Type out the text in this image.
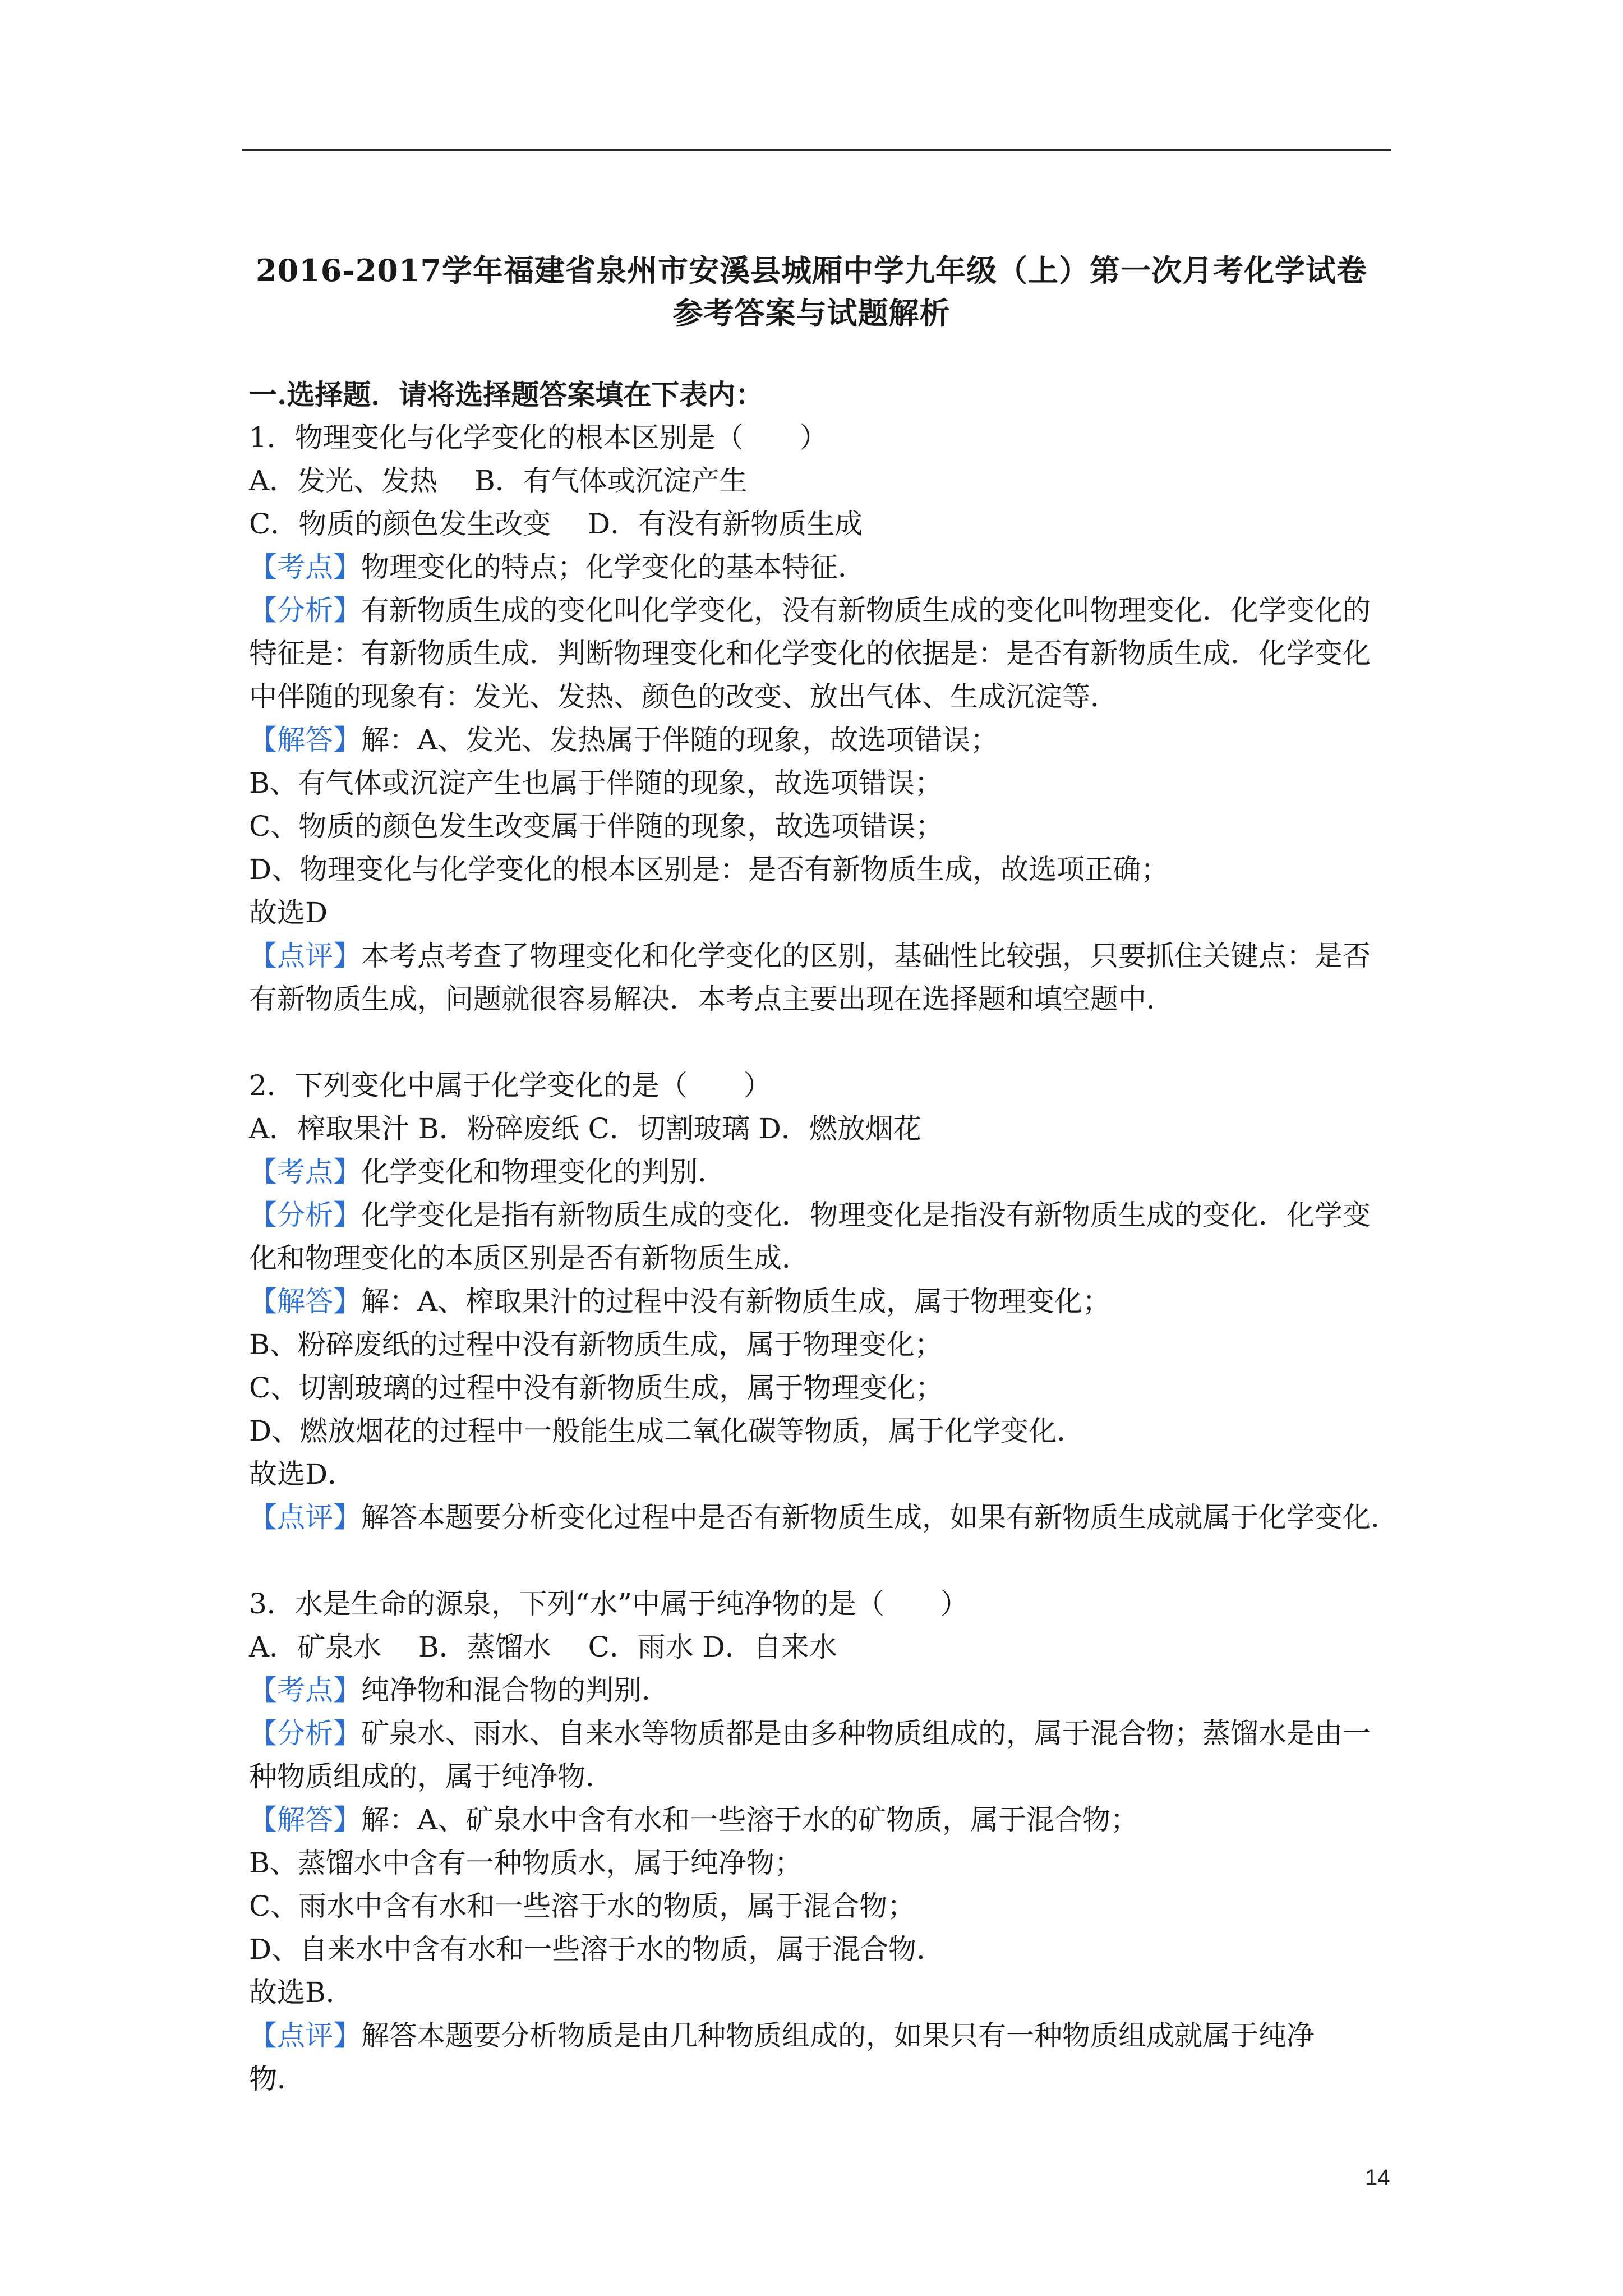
2016-2017学年福建省泉州市安溪县城厢中学九年级（上）第一次月考化学试卷
参考答案与试题解析
一.选择题．请将选择题答案填在下表内：
1．物理变化与化学变化的根本区别是（　　）
A．发光、发热　 B．有气体或沉淀产生
C．物质的颜色发生改变　 D．有没有新物质生成
【考点】物理变化的特点；化学变化的基本特征．
【分析】有新物质生成的变化叫化学变化，没有新物质生成的变化叫物理变化．化学变化的
特征是：有新物质生成．判断物理变化和化学变化的依据是：是否有新物质生成．化学变化
中伴随的现象有：发光、发热、颜色的改变、放出气体、生成沉淀等．
【解答】解：A、发光、发热属于伴随的现象，故选项错误；
B、有气体或沉淀产生也属于伴随的现象，故选项错误；
C、物质的颜色发生改变属于伴随的现象，故选项错误；
D、物理变化与化学变化的根本区别是：是否有新物质生成，故选项正确；
故选D
【点评】本考点考查了物理变化和化学变化的区别，基础性比较强，只要抓住关键点：是否
有新物质生成，问题就很容易解决．本考点主要出现在选择题和填空题中．
2．下列变化中属于化学变化的是（　　）
A．榨取果汁 B．粉碎废纸 C．切割玻璃 D．燃放烟花
【考点】化学变化和物理变化的判别．
【分析】化学变化是指有新物质生成的变化．物理变化是指没有新物质生成的变化．化学变
化和物理变化的本质区别是否有新物质生成．
【解答】解：A、榨取果汁的过程中没有新物质生成，属于物理变化；
B、粉碎废纸的过程中没有新物质生成，属于物理变化；
C、切割玻璃的过程中没有新物质生成，属于物理变化；
D、燃放烟花的过程中一般能生成二氧化碳等物质，属于化学变化．
故选D．
【点评】解答本题要分析变化过程中是否有新物质生成，如果有新物质生成就属于化学变化．
3．水是生命的源泉，下列“水”中属于纯净物的是（　　）
A．矿泉水　 B．蒸馏水　 C．雨水 D．自来水
【考点】纯净物和混合物的判别．
【分析】矿泉水、雨水、自来水等物质都是由多种物质组成的，属于混合物；蒸馏水是由一
种物质组成的，属于纯净物．
【解答】解：A、矿泉水中含有水和一些溶于水的矿物质，属于混合物；
B、蒸馏水中含有一种物质水，属于纯净物；
C、雨水中含有水和一些溶于水的物质，属于混合物；
D、自来水中含有水和一些溶于水的物质，属于混合物．
故选B．
【点评】解答本题要分析物质是由几种物质组成的，如果只有一种物质组成就属于纯净
物．
14
